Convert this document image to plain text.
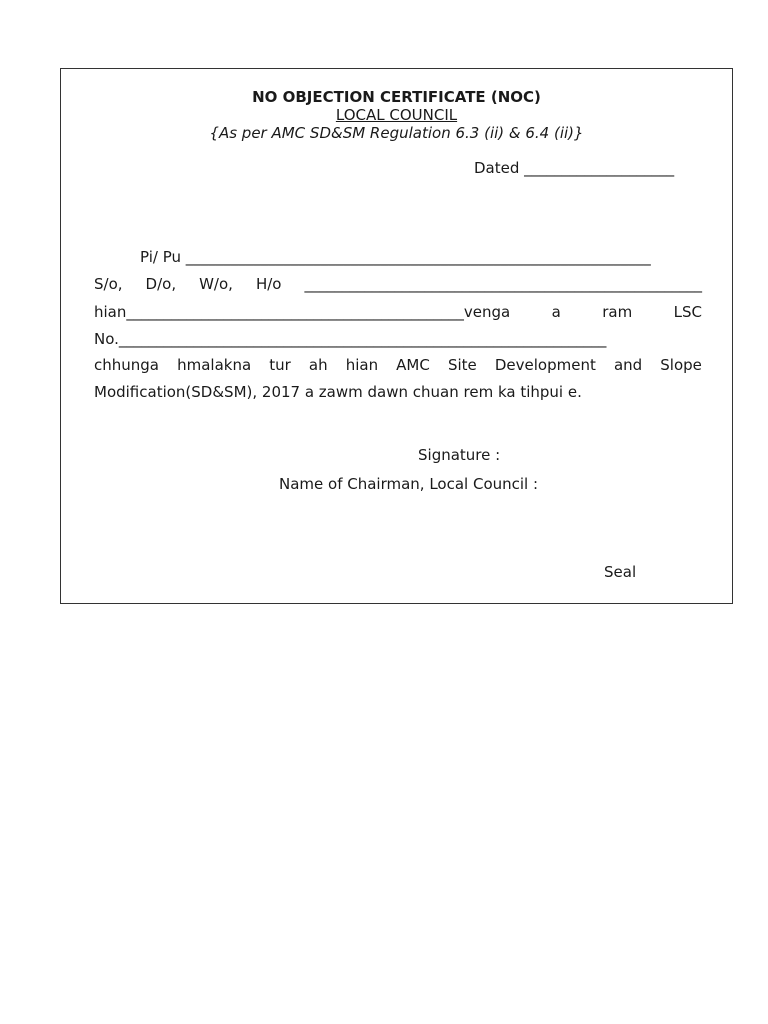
NO OBJECTION CERTIFICATE (NOC)
LOCAL COUNCIL
{As per AMC SD&SM Regulation 6.3 (ii) & 6.4 (ii)}
Dated ____________________
Pi/ Pu ______________________________________________________________
S/o, D/o, W/o, H/o _____________________________________________________
hian_____________________________________________venga	a	ram	LSC
No._________________________________________________________________
chhunga hmalakna tur ah hian AMC Site Development and Slope
Modification(SD&SM), 2017 a zawm dawn chuan rem ka tihpui e.
Signature :
Name of Chairman, Local Council :
Seal
